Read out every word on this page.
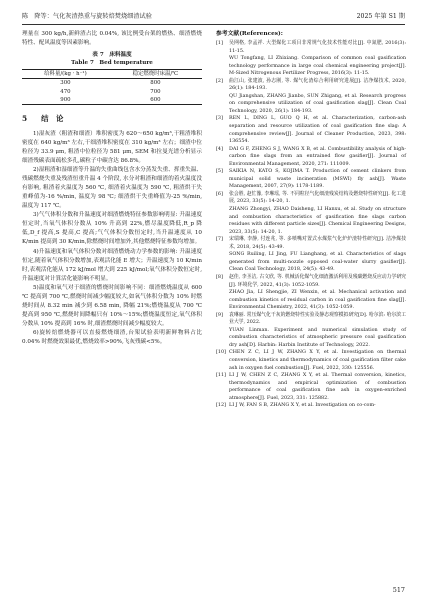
陈　降等：气化灰渣热重与旋转焙焚烧细渣试验	2025 年第 S1 期

理量在 300 kg/h,新鲜渣占比 0.04%, 该比例受台架的燃热、细渣燃烧特性、配风温度等因素影响。

表 7　床料温度
Table 7　Bed temperature
给料量/(kg · h⁻¹)	稳定燃烧时床温/℃
300	800
470	700
900	600
5 结　论

1)湿灰渣（粗渣和细渣）堆积密度为 620～650 kg/m³,干粗渣堆积密度在 640 kg/m³ 左右,干细渣堆积密度在 310 kg/m³ 左右；细渣中位粒径为 33.9 μm, 粗渣中位粒径为 581 μm, SEM 和拉曼光谱分析显示细渣残碳表面疏松多孔,碳粒子中碳含达 86.8%。

2)湿粗渣和湿细渣等升温的失重曲线包含水分蒸发失重、挥重失温、残碳燃烧失重及残渣恒重升温 4 个阶段, 水分对粗渣和细渣的着火温度没有影响, 粗渣着火温度为 560 ℃, 细渣着火温度为 590 ℃, 粗渣烘干失重峰值为-16 %/min, 温度为 98 ℃; 细渣烘干失重峰值为-25 %/min, 温度为 117 ℃。

3)气气体积分数和升温速度对细渣燃烧特征参数影响明显: 升温速度恒定时,当氧气体积分数从 10% 升高到 22%,燃尽温度降低,R_p 降低,D_f 提高,S 提高,C 提高;气气体积分数恒定时,当升温速度从 10 K/min 提高到 30 K/min,除燃烧时间增加外,其他燃烧特征参数均增加。

4)升温速度和氧气体积分数对细渣燃烧动力学参数的影响: 升温速度恒定,随着氧气体积分数增加,表观活化能 E 增大；升温速度为 10 K/min 时,表观活化能从 172 kJ/mol 增大到 225 kJ/mol;氧气体积分数恒定时,升温速度对计算活化能影响不明显。

5)温度和氧气对于细渣的燃烧时间影响不同：细渣燃烧温度从 600 ℃ 提高到 700 ℃,燃烧时间减少幅度较大,如氧气体积分数为 10% 时燃烧时间从 8.32 min 减少到 6.58 min, 降幅 21%;燃烧温度从 700 ℃ 提高到 950 ℃,燃烧时间降幅只有 10%～15%;燃烧温度恒定,氧气体积分数从 10% 提高到 16% 时,细渣燃烧时间减少幅度较大。

6)旋转焙燃烧器可以直接燃烧细渣,台架试验表明新鲜物料占比 0.04% 时燃烧效果最优,燃烧效率>90%,飞灰残碳<5%。

参考文献(References):
[1] 吴网格, 李孟祥. 大型煤化工项目非常规气化技术性能对比[J]. 中氮肥, 2016(3): 11-15.
WU Tongfang, LI Zhixiang. Comparison of common coal gasification technology performance in large coal chemical engineering project[J]. M-Sized Nitrogenous Fertilizer Progress, 2016(3): 11-15.
[2] 曲江山, 张建波, 孙志刚, 等. 煤气化渣综合利用研究进展[J]. 洁净煤技术, 2020, 26(1): 184-193.
QU Jiangshan, ZHANG Jianbo, SUN Zhigang, et al. Research progress on comprehensive utilization of coal gasification slag[J]. Clean Coal Technology, 2020, 26(1): 184-193.
[3] REN L, DING L, GUO Q H, et al. Characterization, carbon-ash separation and resource utilization of coal gasification fine slag: A comprehensive review[J]. Journal of Cleaner Production, 2023, 398: 136554.
[4] DAI G F, ZHENG S J, WANG X B, et al. Combustibility analysis of high-carbon fine slags from an entrained flow gasifier[J]. Journal of Environmental Management, 2020, 271: 111009.
[5] SAIKIA N, KATO S, KOJIMA T. Production of cement clinkers from municipal solid waste incineration (MSWI) fly ash[J]. Waste Management, 2007, 27(9): 1178-1189.
[6] 张会胜, 赵忙豫, 李琳瑶, 等. 不同粒径气化细渣残炭结构及燃烧特性研究[J]. 化工进展, 2023, 33(5): 14-20, 1.
ZHANG Zhongyi, ZHAO Daisheng, LI Hanxu, et al. Study on structure and combustion characteristics of gasification fine slags carbon residues with different particle sizes[J]. Chemical Engineering Designs, 2023, 33(5): 14-20, 1.
[7] 宋瑞琳, 李静, 付连兆, 等. 多喷嘴对置式水煤浆气化炉炉渣特性研究[J]. 洁净煤技术, 2018, 24(5): 43-49.
SONG Ruiling, LI Jing, FU Lianghang, et al. Characteristics of slags generated from multi-nozzle opposed coal-water slurry gasifier[J]. Clean Coal Technology, 2018, 24(5): 43-49.
[8] 赵佳, 李圣洁, 古文欣, 等. 机械活化煤气化细渣激活利用及残碳燃烧反应动力学研究[J]. 环境化学, 2022, 41(3): 1052-1059.
ZHAO Jia, LI Shengjie, ZI Wenxin, et al. Mechanical activation and combustion kinetics of residual carbon in coal gasification fine slag[J]. Environmental Chemistry, 2022, 41(3): 1052-1059.
[9] 袁琳丽. 常压煤气化干灰的燃烧特性实验及静态观察模拟研究[D]. 哈尔滨: 哈尔滨工业大学, 2022.
YUAN Linman. Experiment and numerical simulation study of combustion characteristics of atmospheric pressure coal gasification dry ash[D]. Harbin: Harbin Institute of Technology, 2022.
[10] CHEN Z C, LI J W, ZHANG X Y, et al. Investigation on thermal conversion, kinetics and thermodynamics of coal gasification filter cake ash in oxygen fuel combustion[J]. Fuel, 2022, 330: 125556.
[11] LI J W, CHEN Z C, ZHANG X Y, et al. Thermal conversion, kinetics, thermodynamics and empirical optimization of combustion performance of coal gasification fine ash in oxygen-enriched atmosphere[J]. Fuel, 2023, 331: 125882.
[12] LI J W, FAN S B, ZHANG X Y, et al. Investigation on co-com-
517
